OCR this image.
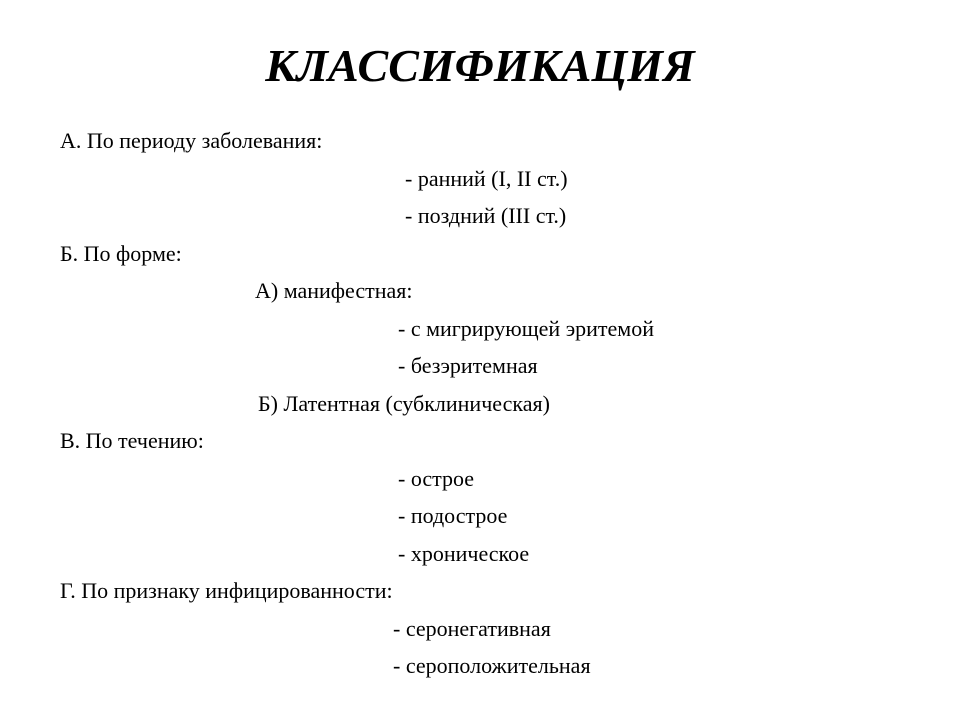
КЛАССИФИКАЦИЯ

А. По периоду заболевания:

- ранний (I, II ст.)

- поздний (III ст.)

Б. По форме:

А) манифестная:

- с мигрирующей эритемой

- безэритемная

Б) Латентная (субклиническая)

В. По течению:

- острое

- подострое

- хроническое

Г. По признаку инфицированности:

- серонегативная

- сероположительная
